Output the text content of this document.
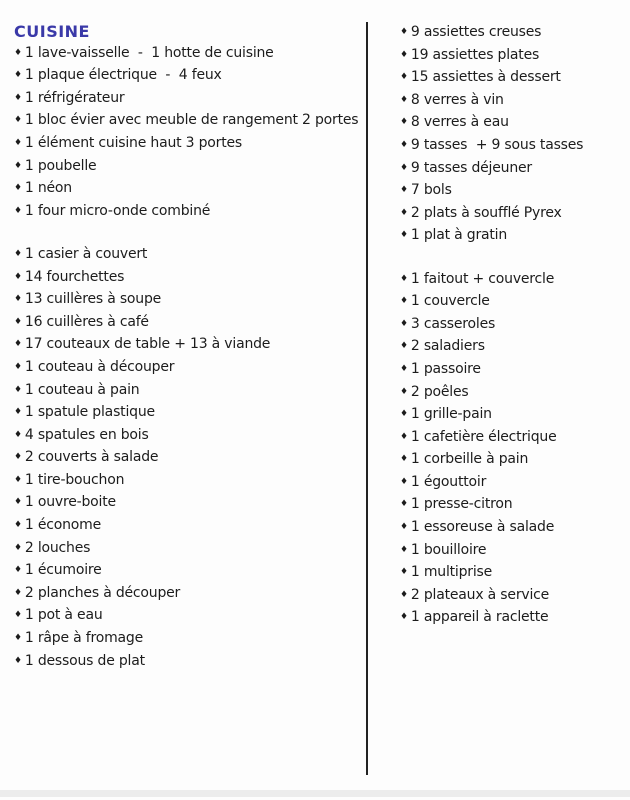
CUISINE
♦ 1 lave-vaisselle  -  1 hotte de cuisine
♦ 1 plaque électrique  -  4 feux
♦ 1 réfrigérateur
♦ 1 bloc évier avec meuble de rangement 2 portes
♦ 1 élément cuisine haut 3 portes
♦ 1 poubelle
♦ 1 néon
♦ 1 four micro-onde combiné
♦ 1 casier à couvert
♦ 14 fourchettes
♦ 13 cuillères à soupe
♦ 16 cuillères à café
♦ 17 couteaux de table + 13 à viande
♦ 1 couteau à découper
♦ 1 couteau à pain
♦ 1 spatule plastique
♦ 4 spatules en bois
♦ 2 couverts à salade
♦ 1 tire-bouchon
♦ 1 ouvre-boite
♦ 1 économe
♦ 2 louches
♦ 1 écumoire
♦ 2 planches à découper
♦ 1 pot à eau
♦ 1 râpe à fromage
♦ 1 dessous de plat
♦ 9 assiettes creuses
♦ 19 assiettes plates
♦ 15 assiettes à dessert
♦ 8 verres à vin
♦ 8 verres à eau
♦ 9 tasses  + 9 sous tasses
♦ 9 tasses déjeuner
♦ 7 bols
♦ 2 plats à soufflé Pyrex
♦ 1 plat à gratin
♦ 1 faitout + couvercle
♦ 1 couvercle
♦ 3 casseroles
♦ 2 saladiers
♦ 1 passoire
♦ 2 poêles
♦ 1 grille-pain
♦ 1 cafetière électrique
♦ 1 corbeille à pain
♦ 1 égouttoir
♦ 1 presse-citron
♦ 1 essoreuse à salade
♦ 1 bouilloire
♦ 1 multiprise
♦ 2 plateaux à service
♦ 1 appareil à raclette
